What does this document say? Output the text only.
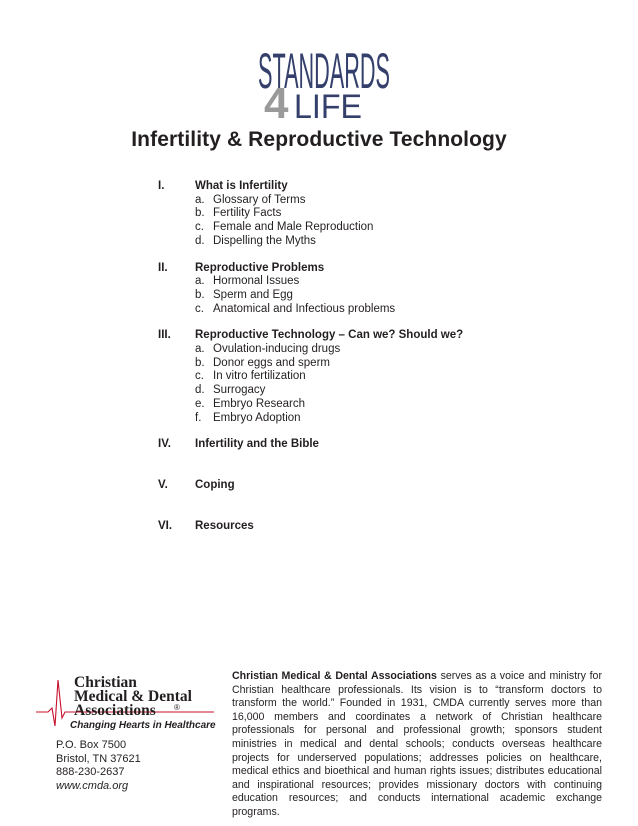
STANDARDS
4 LIFE
Infertility & Reproductive Technology
I.	What is Infertility
a. Glossary of Terms
b. Fertility Facts
c. Female and Male Reproduction
d. Dispelling the Myths
II. Reproductive Problems
a. Hormonal Issues
b. Sperm and Egg
c. Anatomical and Infectious problems
III. Reproductive Technology – Can we? Should we?
a. Ovulation-inducing drugs
b. Donor eggs and sperm
c. In vitro fertilization
d. Surrogacy
e. Embryo Research
f. Embryo Adoption
IV. Infertility and the Bible
V. Coping
VI. Resources
Christian
Medical & Dental
Associations ®
Changing Hearts in Healthcare
P.O. Box 7500
Bristol, TN 37621
888-230-2637
www.cmda.org
Christian Medical & Dental Associations serves as a voice and ministry for Christian healthcare professionals. Its vision is to “transform doctors to transform the world.” Founded in 1931, CMDA currently serves more than 16,000 members and coordinates a network of Christian healthcare professionals for personal and professional growth; sponsors student ministries in medical and dental schools; conducts overseas healthcare projects for underserved populations; addresses policies on healthcare, medical ethics and bioethical and human rights issues; distributes educational and inspirational resources; provides missionary doctors with continuing education resources; and conducts international academic exchange programs.
